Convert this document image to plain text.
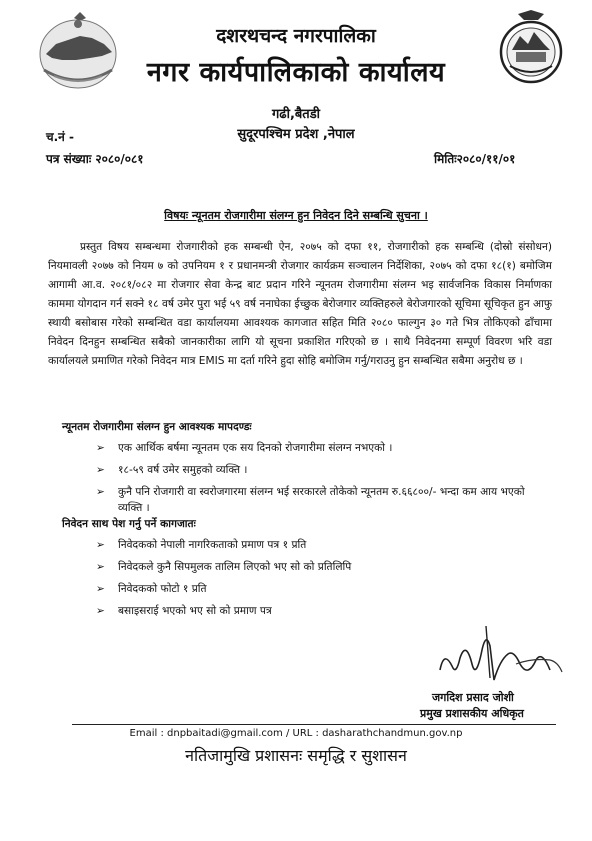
दशरथचन्द नगरपालिका
नगर कार्यपालिकाको कार्यालय
गढी,बैतडी
सुदूरपश्चिम प्रदेश ,नेपाल
च.नं -
पत्र संख्याः २०८०/०८१	मितिः२०८०/११/०१
विषयः न्यूनतम रोजगारीमा संलग्न हुन निवेदन दिने सम्बन्धि सुचना ।
प्रस्तुत विषय सम्बन्धमा रोजगारीको हक सम्बन्धी ऐन, २०७५ को दफा ११, रोजगारीको हक सम्बन्धि (दोस्रो संसोधन) नियमावली २०७७ को नियम ७ को उपनियम १ र प्रधानमन्त्री रोजगार कार्यक्रम सञ्चालन निर्देशिका, २०७५ को दफा १८(१) बमोजिम आगामी आ.व. २०८१/०८२ मा रोजगार सेवा केन्द्र बाट प्रदान गरिने न्यूनतम रोजगारीमा संलग्न भइ सार्वजनिक विकास निर्माणका काममा योगदान गर्न सक्ने १८ वर्ष उमेर पुरा भई ५९ वर्ष ननाघेका ईच्छुक बेरोजगार व्यक्तिहरुले बेरोजगारको सूचिमा सूचिकृत हुन आफु स्थायी बसोबास गरेको सम्बन्धित वडा कार्यालयमा आवश्यक कागजात सहित मिति २०८० फाल्गुन ३० गते भित्र तोकिएको ढाँचामा निवेदन दिनहुन सम्बन्धित सबैको जानकारीका लागि यो सूचना प्रकाशित गरिएको छ । साथै निवेदनमा सम्पूर्ण विवरण भरि वडा कार्यालयले प्रमाणित गरेको निवेदन मात्र EMIS मा दर्ता गरिने हुदा सोहि बमोजिम गर्नु/गराउनु हुन सम्बन्धित सबैमा अनुरोध छ ।
न्यूनतम रोजगारीमा संलग्न हुन आवश्यक मापदण्डः
➢	एक आर्थिक बर्षमा न्यूनतम एक सय दिनको रोजगारीमा संलग्न नभएको ।
➢	१८-५९ वर्ष उमेर समुहको व्यक्ति ।
➢	कुनै पनि रोजगारी वा स्वरोजगारमा संलग्न भई सरकारले तोकेको न्यूनतम रु.६६८००/- भन्दा कम आय भएको व्यक्ति ।
निवेदन साथ पेश गर्नु पर्ने कागजातः
➢	निवेदकको नेपाली नागरिकताको प्रमाण पत्र १ प्रति
➢	निवेदकले कुनै सिपमुलक तालिम लिएको भए सो को प्रतिलिपि
➢	निवेदकको फोटो १ प्रति
➢	बसाइसराई भएको भए सो को प्रमाण पत्र
जगदिश प्रसाद जोशी
प्रमुख प्रशासकीय अधिकृत
Email : dnpbaitadi@gmail.com / URL : dasharathchandmun.gov.np
नतिजामुखि प्रशासनः समृद्धि र सुशासन
